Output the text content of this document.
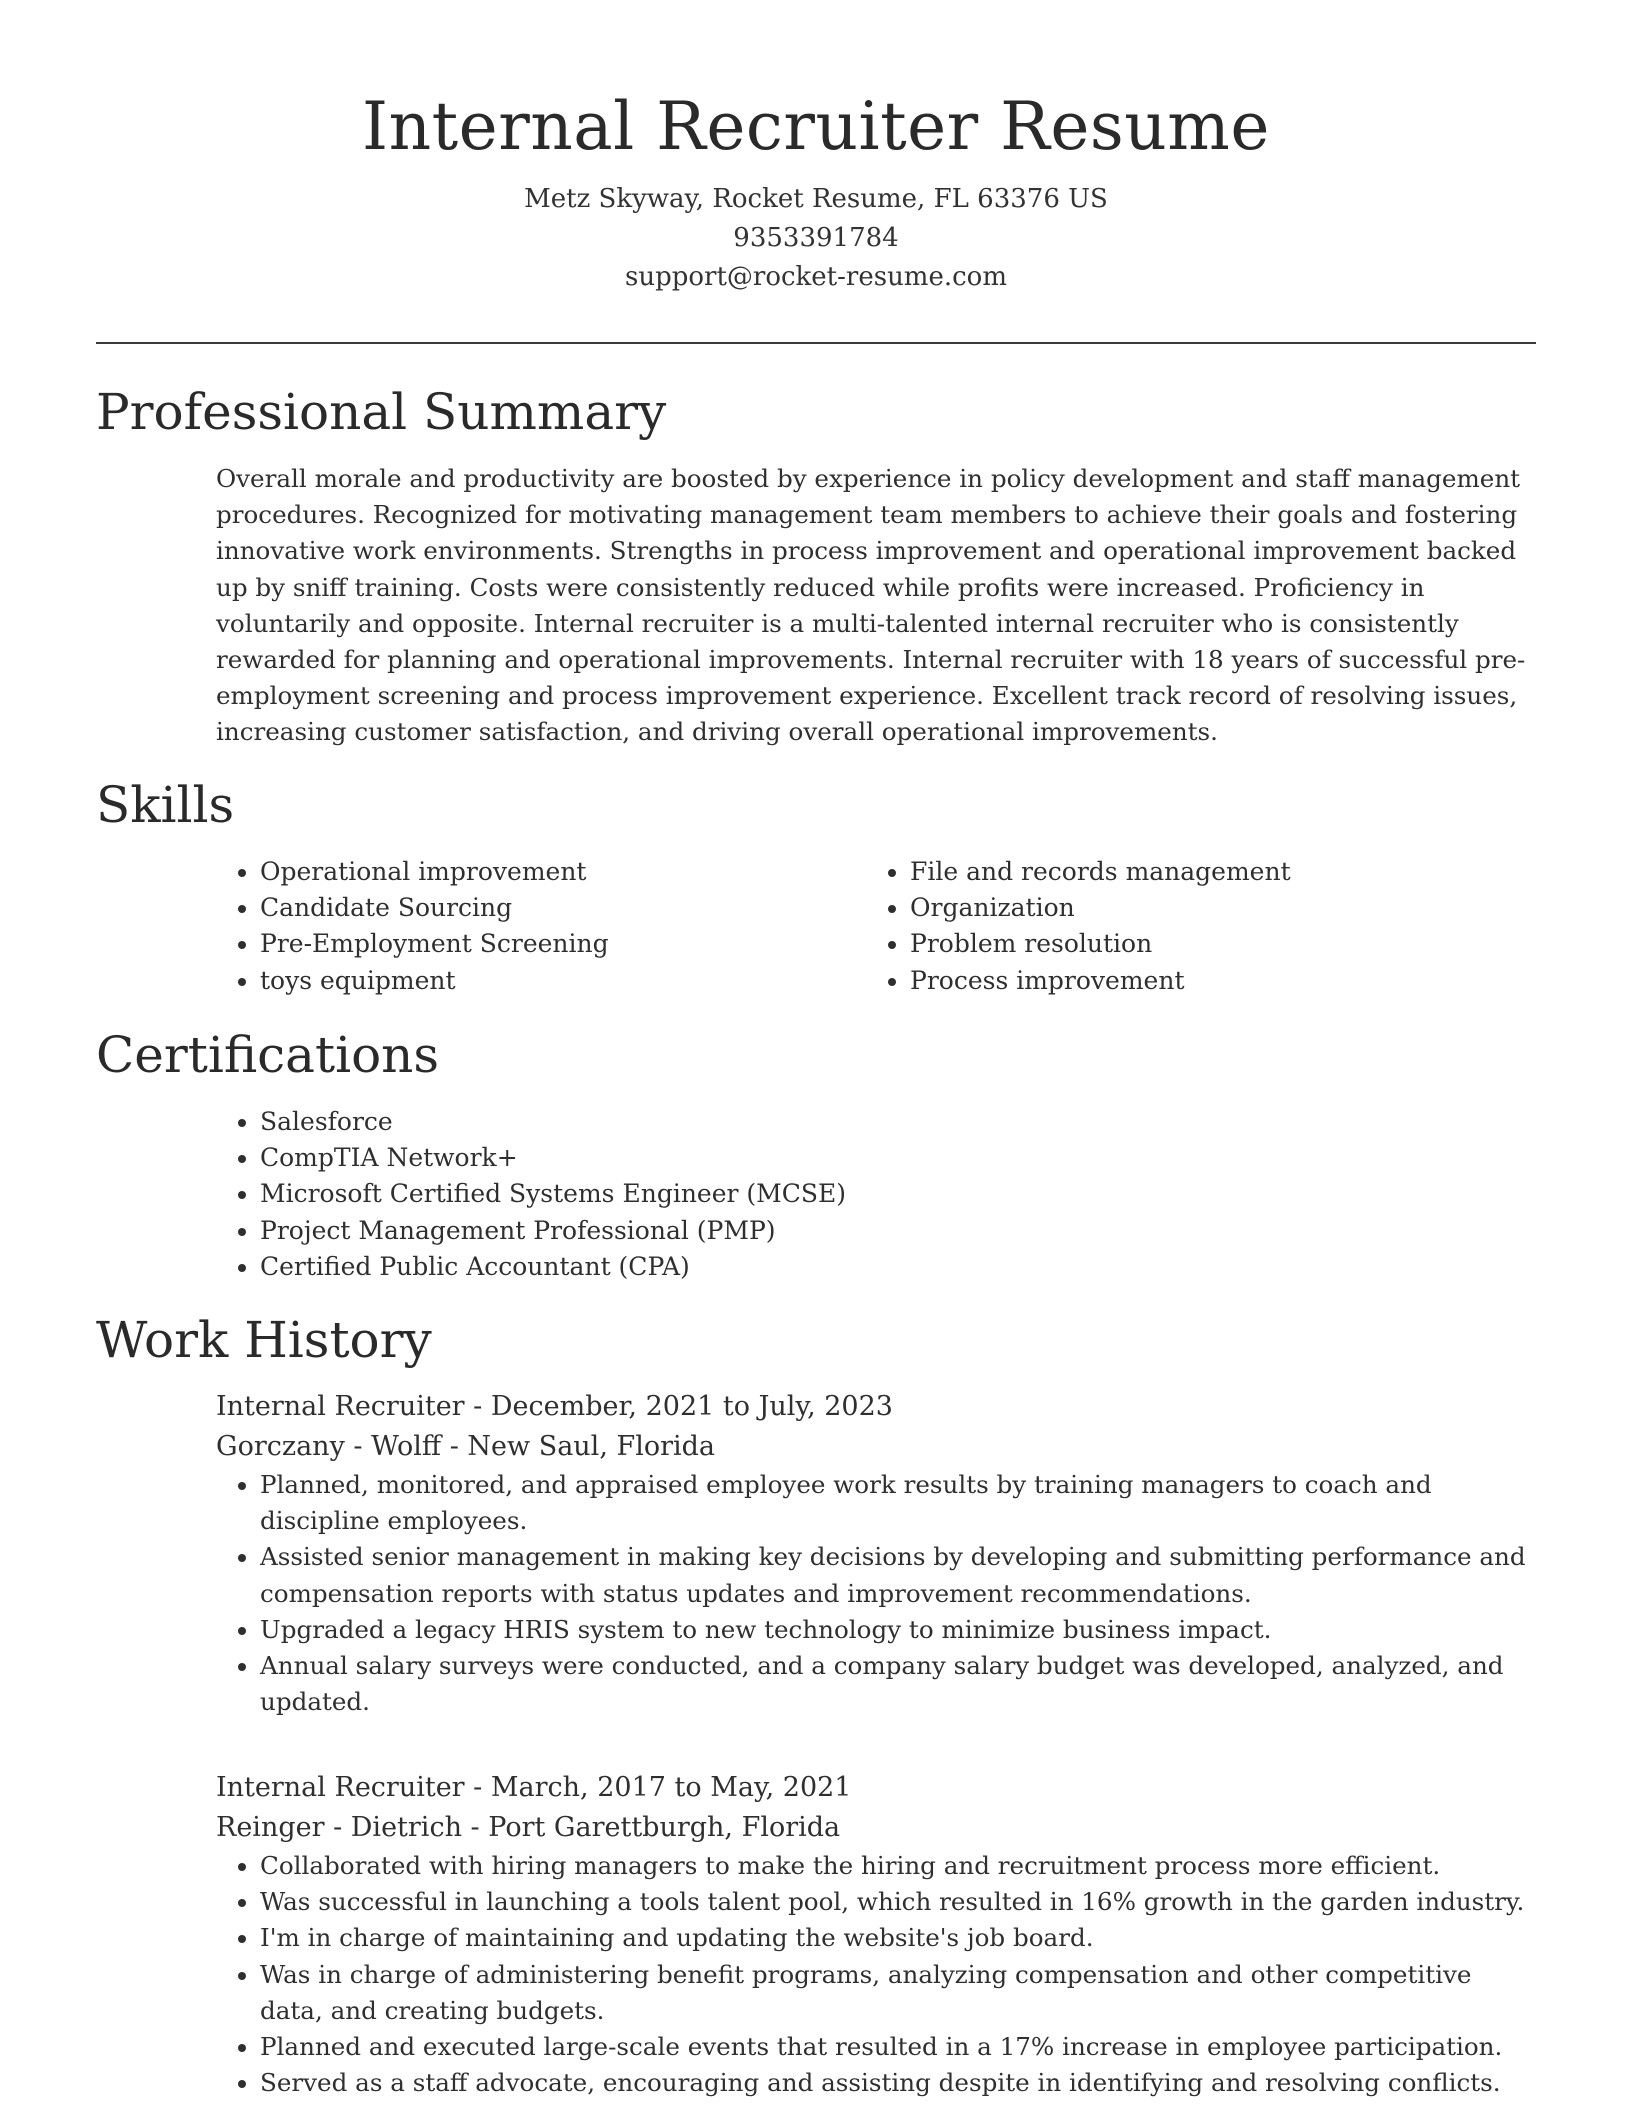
Internal Recruiter Resume
Metz Skyway, Rocket Resume, FL 63376 US
9353391784
support@rocket-resume.com
Professional Summary

Overall morale and productivity are boosted by experience in policy development and staff management procedures. Recognized for motivating management team members to achieve their goals and fostering innovative work environments. Strengths in process improvement and operational improvement backed up by sniff training. Costs were consistently reduced while profits were increased. Proficiency in voluntarily and opposite. Internal recruiter is a multi-talented internal recruiter who is consistently rewarded for planning and operational improvements. Internal recruiter with 18 years of successful pre-employment screening and process improvement experience. Excellent track record of resolving issues, increasing customer satisfaction, and driving overall operational improvements.

Skills
• Operational improvement
• Candidate Sourcing
• Pre-Employment Screening
• toys equipment
• File and records management
• Organization
• Problem resolution
• Process improvement
Certifications
• Salesforce
• CompTIA Network+
• Microsoft Certified Systems Engineer (MCSE)
• Project Management Professional (PMP)
• Certified Public Accountant (CPA)
Work History

Internal Recruiter - December, 2021 to July, 2023

Gorczany - Wolff - New Saul, Florida

• Planned, monitored, and appraised employee work results by training managers to coach and discipline employees.
• Assisted senior management in making key decisions by developing and submitting performance and compensation reports with status updates and improvement recommendations.
• Upgraded a legacy HRIS system to new technology to minimize business impact.
• Annual salary surveys were conducted, and a company salary budget was developed, analyzed, and updated.

Internal Recruiter - March, 2017 to May, 2021

Reinger - Dietrich - Port Garettburgh, Florida

• Collaborated with hiring managers to make the hiring and recruitment process more efficient.
• Was successful in launching a tools talent pool, which resulted in 16% growth in the garden industry.
• I'm in charge of maintaining and updating the website's job board.
• Was in charge of administering benefit programs, analyzing compensation and other competitive data, and creating budgets.
• Planned and executed large-scale events that resulted in a 17% increase in employee participation.
• Served as a staff advocate, encouraging and assisting despite in identifying and resolving conflicts.
